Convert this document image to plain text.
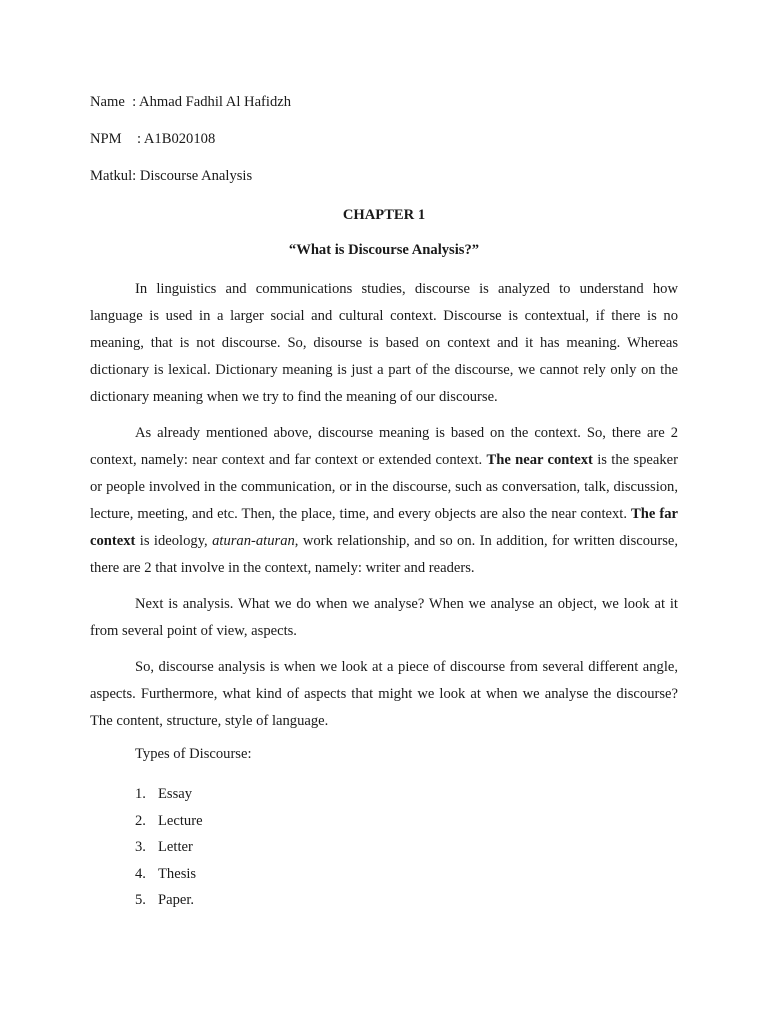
Name  : Ahmad Fadhil Al Hafidzh
NPM : A1B020108
Matkul: Discourse Analysis
CHAPTER 1
“What is Discourse Analysis?”

In linguistics and communications studies, discourse is analyzed to understand how language is used in a larger social and cultural context. Discourse is contextual, if there is no meaning, that is not discourse. So, disourse is based on context and it has meaning. Whereas dictionary is lexical. Dictionary meaning is just a part of the discourse, we cannot rely only on the dictionary meaning when we try to find the meaning of our discourse.

As already mentioned above, discourse meaning is based on the context. So, there are 2 context, namely: near context and far context or extended context. The near context is the speaker or people involved in the communication, or in the discourse, such as conversation, talk, discussion, lecture, meeting, and etc. Then, the place, time, and every objects are also the near context. The far context is ideology, aturan-aturan, work relationship, and so on. In addition, for written discourse, there are 2 that involve in the context, namely: writer and readers.

Next is analysis. What we do when we analyse? When we analyse an object, we look at it from several point of view, aspects.

So, discourse analysis is when we look at a piece of discourse from several different angle, aspects. Furthermore, what kind of aspects that might we look at when we analyse the discourse? The content, structure, style of language.

Types of Discourse:
1. Essay
2. Lecture
3. Letter
4. Thesis
5. Paper.
